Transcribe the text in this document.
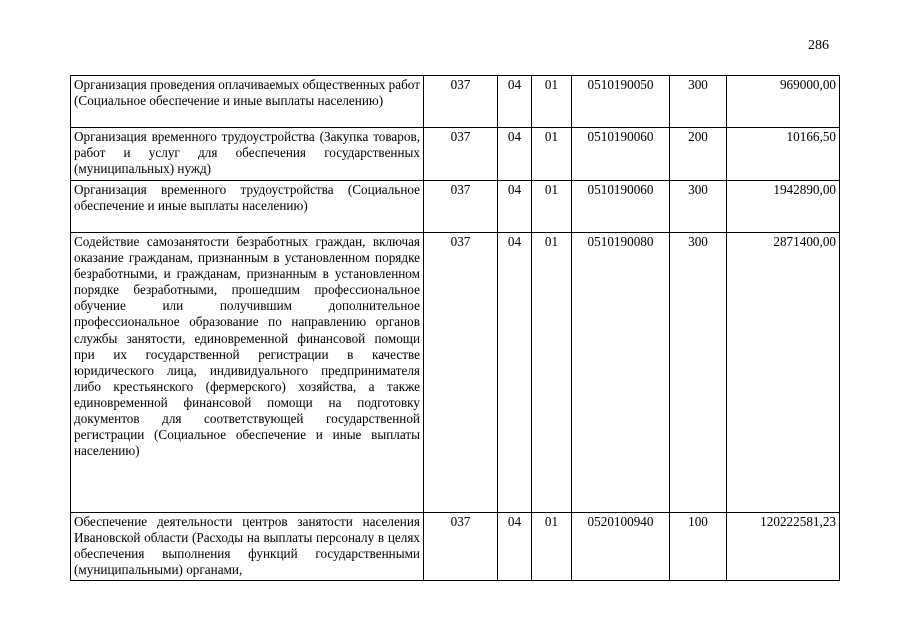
286
Организация проведения оплачиваемых общественных работ (Социальное обеспечение и иные выплаты населению)	037	04	01	0510190050	300	969000,00
Организация временного трудоустройства (Закупка товаров, работ и услуг для обеспечения государственных (муниципальных) нужд)	037	04	01	0510190060	200	10166,50
Организация временного трудоустройства (Социальное обеспечение и иные выплаты населению)	037	04	01	0510190060	300	1942890,00
Содействие самозанятости безработных граждан, включая оказание гражданам, признанным в установленном порядке безработными, и гражданам, признанным в установленном порядке безработными, прошедшим профессиональное обучение или получившим дополнительное профессиональное образование по направлению органов службы занятости, единовременной финансовой помощи при их государственной регистрации в качестве юридического лица, индивидуального предпринимателя либо крестьянского (фермерского) хозяйства, а также единовременной финансовой помощи на подготовку документов для соответствующей государственной регистрации (Социальное обеспечение и иные выплаты населению)	037	04	01	0510190080	300	2871400,00
Обеспечение деятельности центров занятости населения Ивановской области (Расходы на выплаты персоналу в целях обеспечения выполнения функций государственными (муниципальными) органами,	037	04	01	0520100940	100	120222581,23
